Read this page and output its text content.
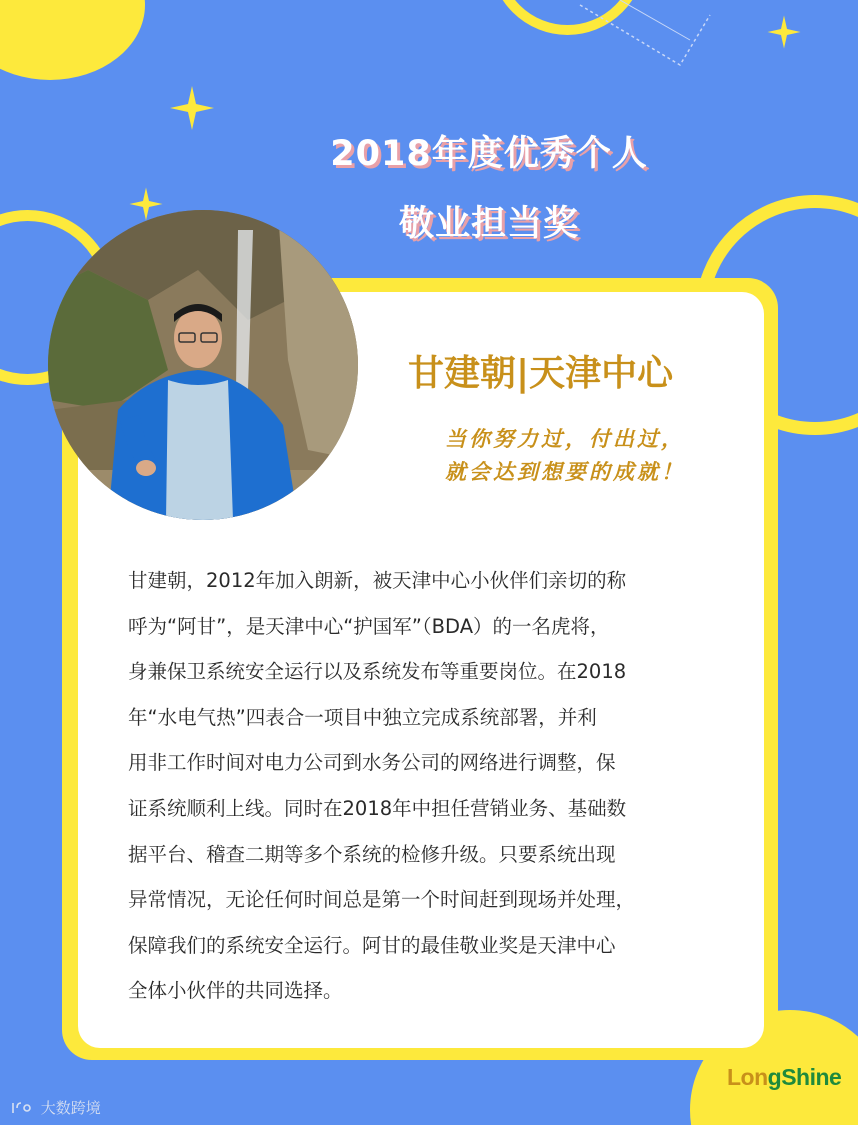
2018年度优秀个人
敬业担当奖
甘建朝|天津中心
当你努力过，付出过，
就会达到想要的成就！
甘建朝，2012年加入朗新，被天津中心小伙伴们亲切的称
呼为“阿甘”，是天津中心“护国军”（BDA）的一名虎将，
身兼保卫系统安全运行以及系统发布等重要岗位。在2018
年“水电气热”四表合一项目中独立完成系统部署，并利
用非工作时间对电力公司到水务公司的网络进行调整，保
证系统顺利上线。同时在2018年中担任营销业务、基础数
据平台、稽查二期等多个系统的检修升级。只要系统出现
异常情况，无论任何时间总是第一个时间赶到现场并处理，
保障我们的系统安全运行。阿甘的最佳敬业奖是天津中心
全体小伙伴的共同选择。
LongShine
大数跨境
